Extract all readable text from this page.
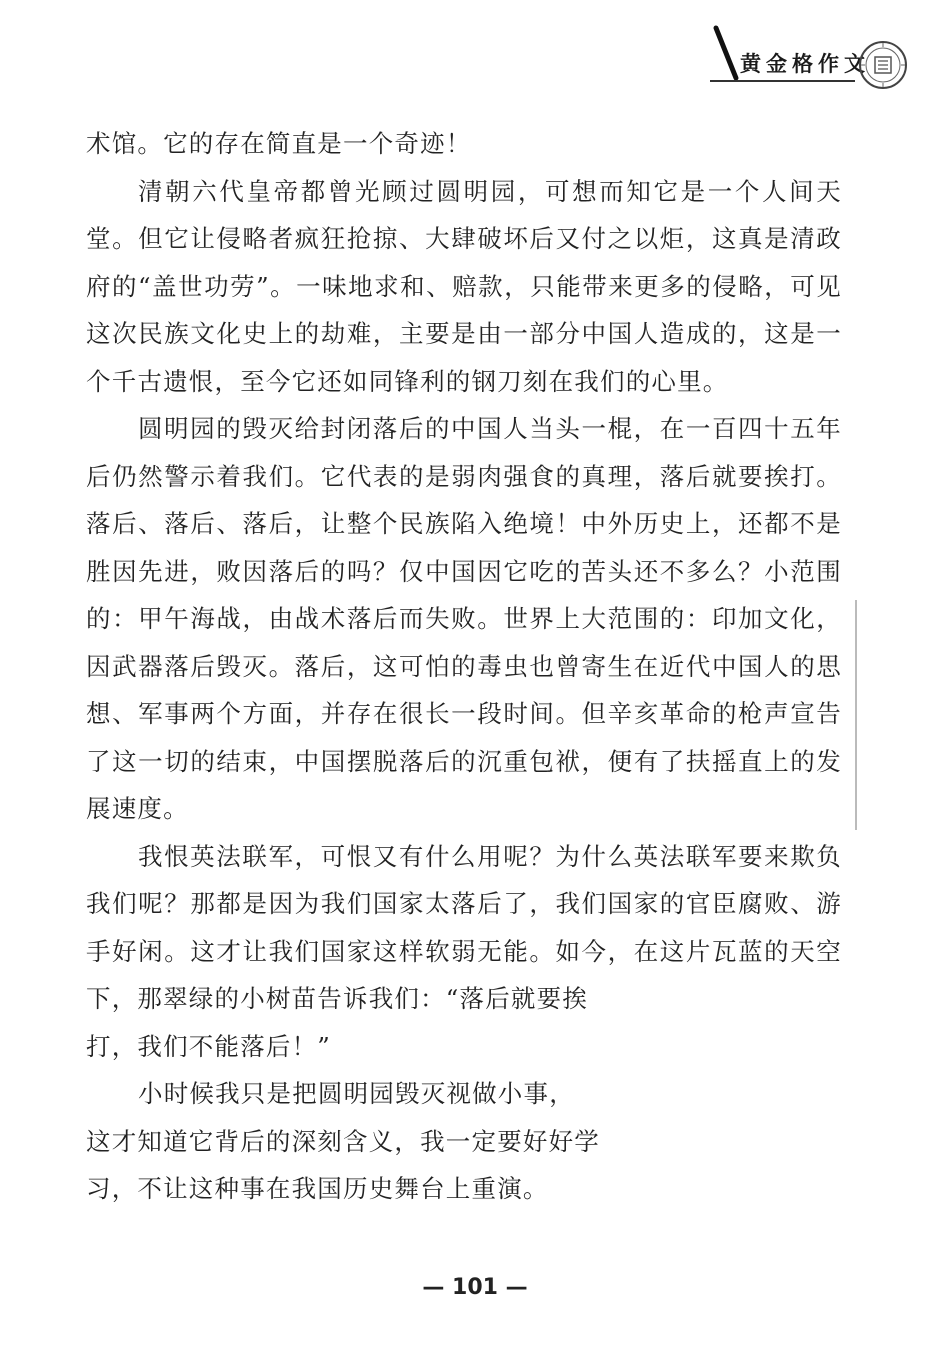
黄金格作文

术馆。它的存在简直是一个奇迹！

清朝六代皇帝都曾光顾过圆明园，可想而知它是一个人间天堂。但它让侵略者疯狂抢掠、大肆破坏后又付之以炬，这真是清政府的“盖世功劳”。一味地求和、赔款，只能带来更多的侵略，可见这次民族文化史上的劫难，主要是由一部分中国人造成的，这是一个千古遗恨，至今它还如同锋利的钢刀刻在我们的心里。

圆明园的毁灭给封闭落后的中国人当头一棍，在一百四十五年后仍然警示着我们。它代表的是弱肉强食的真理，落后就要挨打。落后、落后、落后，让整个民族陷入绝境！中外历史上，还都不是胜因先进，败因落后的吗？仅中国因它吃的苦头还不多么？小范围的：甲午海战，由战术落后而失败。世界上大范围的：印加文化，因武器落后毁灭。落后，这可怕的毒虫也曾寄生在近代中国人的思想、军事两个方面，并存在很长一段时间。但辛亥革命的枪声宣告了这一切的结束，中国摆脱落后的沉重包袱，便有了扶摇直上的发展速度。

我恨英法联军，可恨又有什么用呢？为什么英法联军要来欺负我们呢？那都是因为我们国家太落后了，我们国家的官臣腐败、游手好闲。这才让我们国家这样软弱无能。如今，在这片瓦蓝的天空下，那翠绿的小树苗告诉我们：“落后就要挨

打，我们不能落后！”

小时候我只是把圆明园毁灭视做小事，

这才知道它背后的深刻含义，我一定要好好学

习，不让这种事在我国历史舞台上重演。

— 101 —
